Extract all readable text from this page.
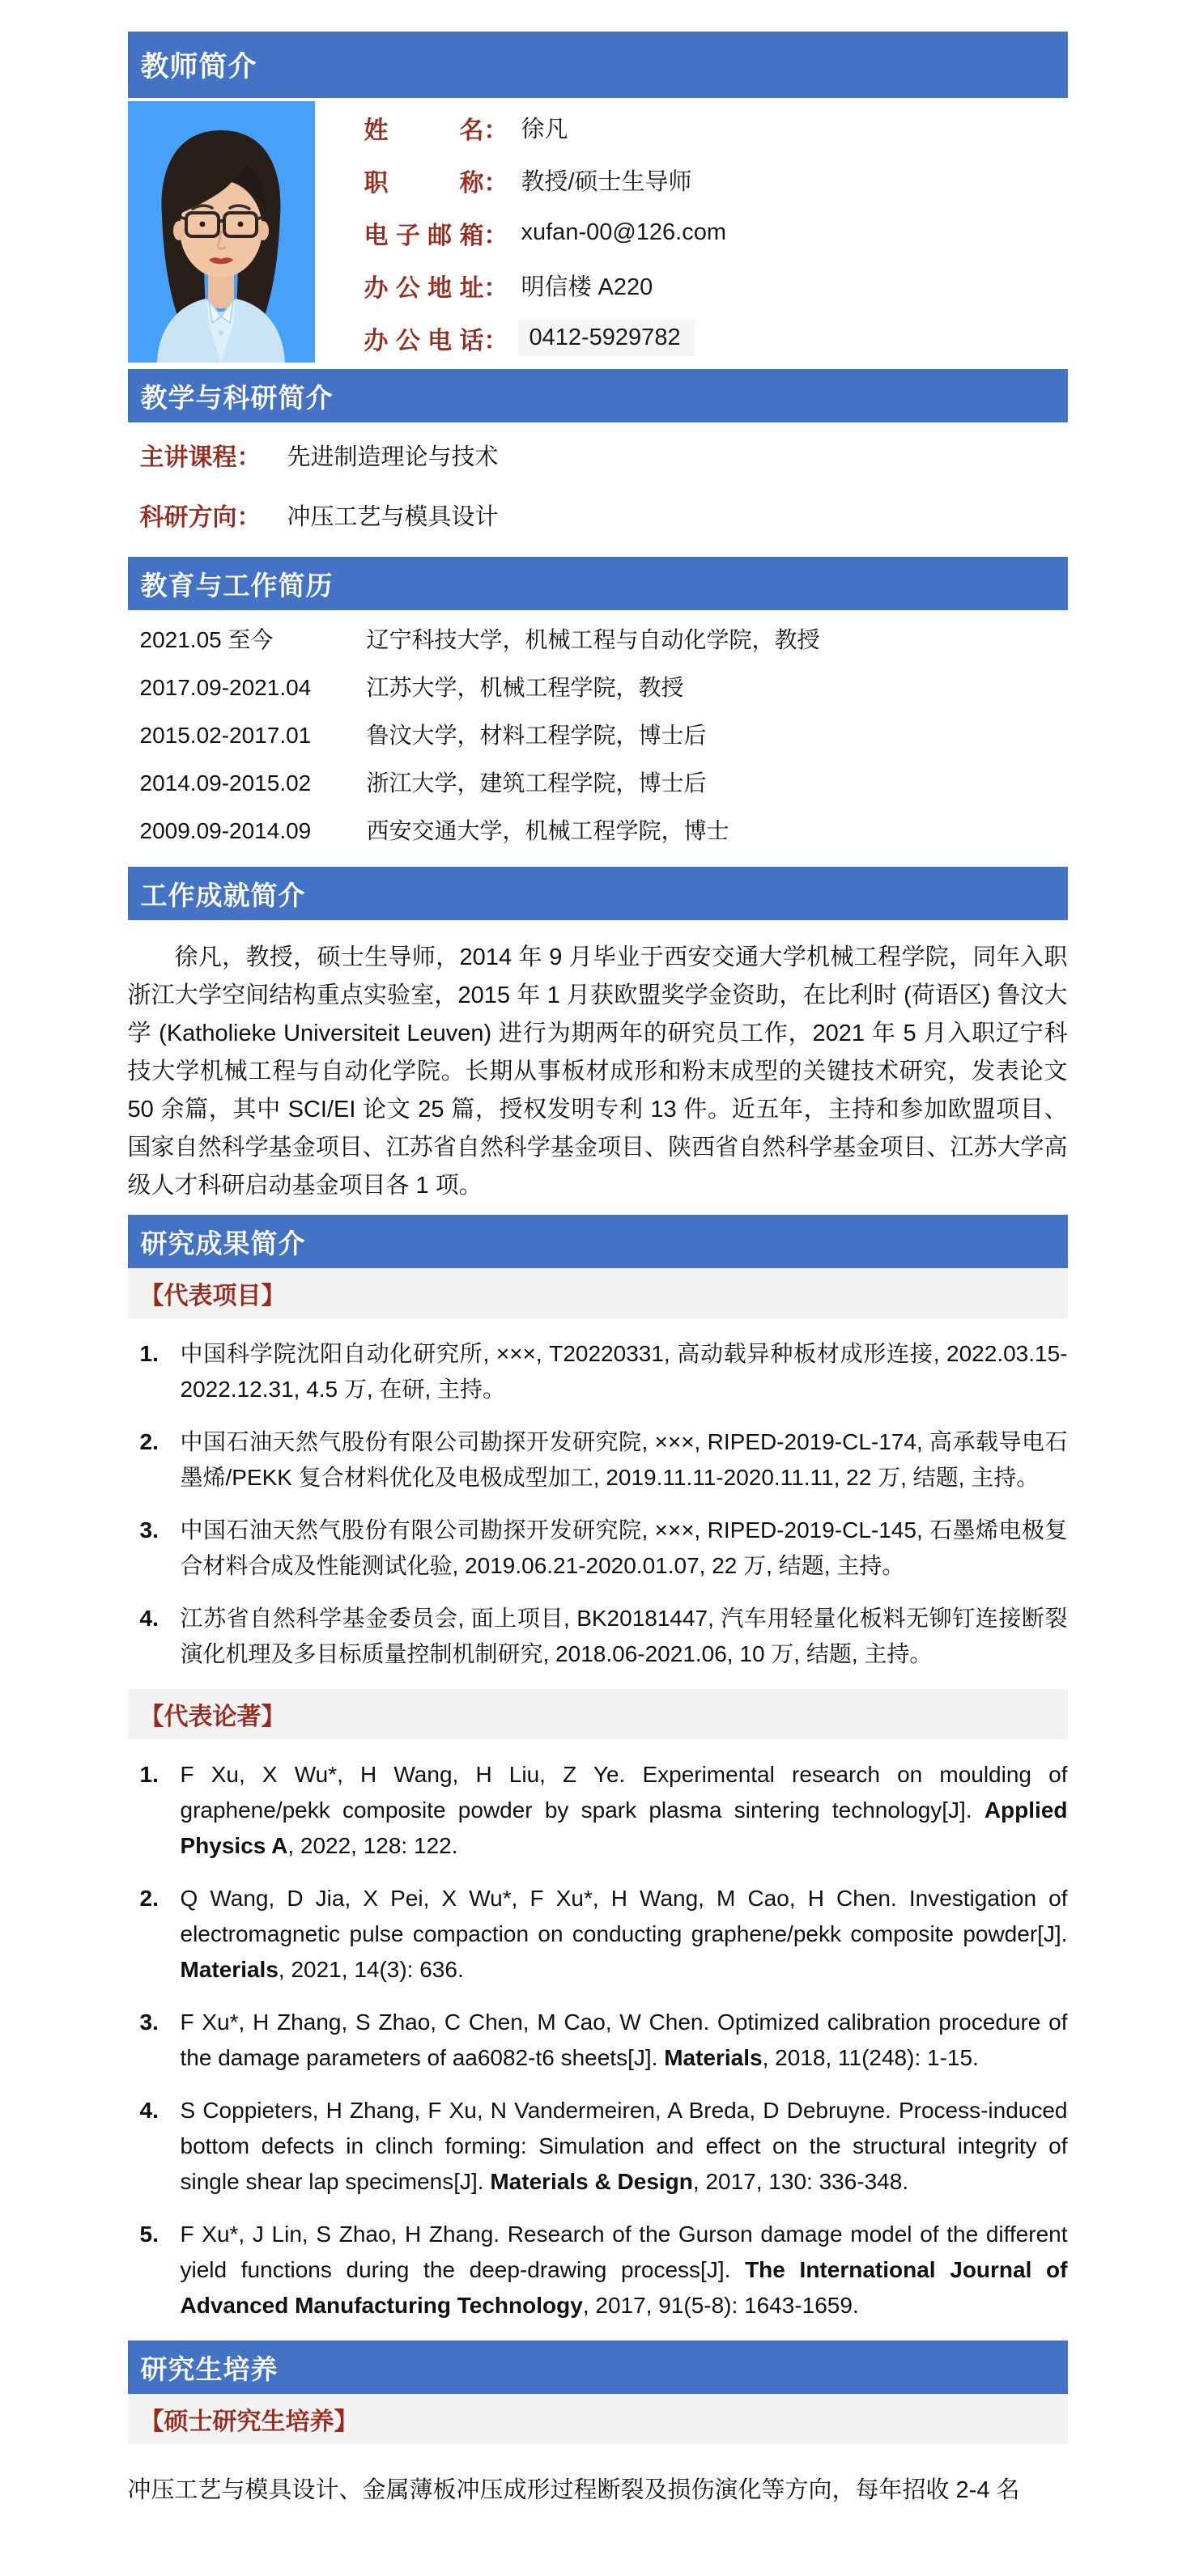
教师简介
姓名 ： 徐凡
职称 ： 教授/硕士生导师
电子邮箱 ： xufan-00@126.com
办公地址 ： 明信楼 A220
办公电话 ： 0412-5929782
教学与科研简介
主讲课程 ： 先进制造理论与技术
科研方向 ： 冲压工艺与模具设计
教育与工作简历
2021.05 至今	辽宁科技大学，机械工程与自动化学院，教授
2017.09-2021.04	江苏大学，机械工程学院，教授
2015.02-2017.01	鲁汶大学，材料工程学院，博士后
2014.09-2015.02	浙江大学，建筑工程学院，博士后
2009.09-2014.09	西安交通大学，机械工程学院，博士
工作成就简介

徐凡，教授，硕士生导师，2014 年 9 月毕业于西安交通大学机械工程学院，同年入职浙江大学空间结构重点实验室，2015 年 1 月获欧盟奖学金资助，在比利时 (荷语区) 鲁汶大学 (Katholieke Universiteit Leuven) 进行为期两年的研究员工作，2021 年 5 月入职辽宁科技大学机械工程与自动化学院。长期从事板材成形和粉末成型的关键技术研究，发表论文 50 余篇，其中 SCI/EI 论文 25 篇，授权发明专利 13 件。近五年，主持和参加欧盟项目、国家自然科学基金项目、江苏省自然科学基金项目、陕西省自然科学基金项目、江苏大学高级人才科研启动基金项目各 1 项。

研究成果简介
【代表项目】
1. 中国科学院沈阳自动化研究所, ×××, T20220331, 高动载异种板材成形连接, 2022.03.15-2022.12.31, 4.5 万, 在研, 主持。
2. 中国石油天然气股份有限公司勘探开发研究院, ×××, RIPED-2019-CL-174, 高承载导电石墨烯/PEKK 复合材料优化及电极成型加工, 2019.11.11-2020.11.11, 22 万, 结题, 主持。
3. 中国石油天然气股份有限公司勘探开发研究院, ×××, RIPED-2019-CL-145, 石墨烯电极复合材料合成及性能测试化验, 2019.06.21-2020.01.07, 22 万, 结题, 主持。
4. 江苏省自然科学基金委员会, 面上项目, BK20181447, 汽车用轻量化板料无铆钉连接断裂演化机理及多目标质量控制机制研究, 2018.06-2021.06, 10 万, 结题, 主持。
【代表论著】
1. F Xu, X Wu*, H Wang, H Liu, Z Ye. Experimental research on moulding of graphene/pekk composite powder by spark plasma sintering technology[J]. Applied Physics A, 2022, 128: 122.
2. Q Wang, D Jia, X Pei, X Wu*, F Xu*, H Wang, M Cao, H Chen. Investigation of electromagnetic pulse compaction on conducting graphene/pekk composite powder[J]. Materials, 2021, 14(3): 636.
3. F Xu*, H Zhang, S Zhao, C Chen, M Cao, W Chen. Optimized calibration procedure of the damage parameters of aa6082-t6 sheets[J]. Materials, 2018, 11(248): 1-15.
4. S Coppieters, H Zhang, F Xu, N Vandermeiren, A Breda, D Debruyne. Process-induced bottom defects in clinch forming: Simulation and effect on the structural integrity of single shear lap specimens[J]. Materials & Design, 2017, 130: 336-348.
5. F Xu*, J Lin, S Zhao, H Zhang. Research of the Gurson damage model of the different yield functions during the deep-drawing process[J]. The International Journal of Advanced Manufacturing Technology, 2017, 91(5-8): 1643-1659.
研究生培养
【硕士研究生培养】

冲压工艺与模具设计、金属薄板冲压成形过程断裂及损伤演化等方向，每年招收 2-4 名
